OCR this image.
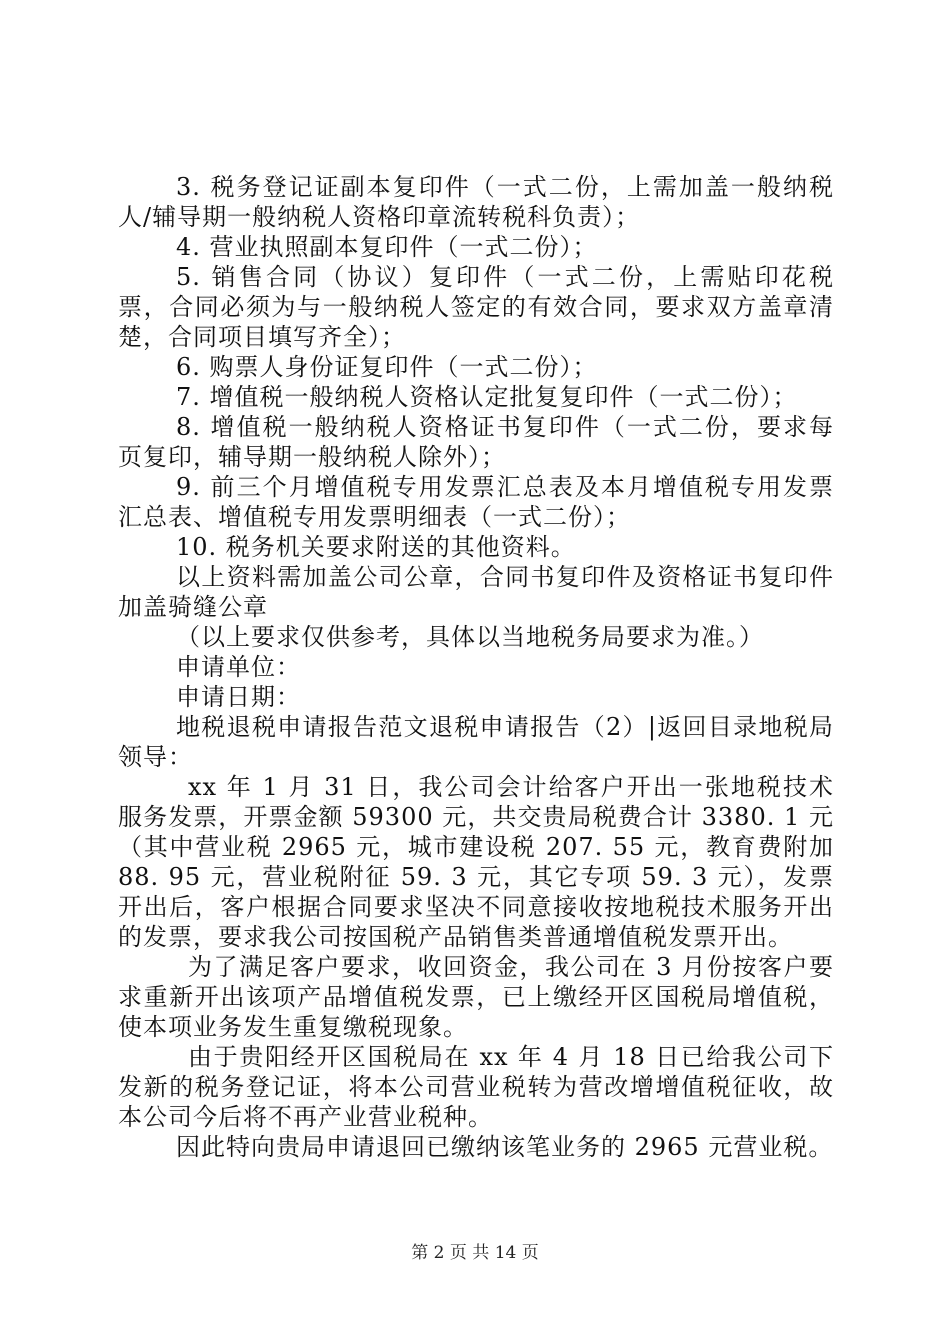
3. 税务登记证副本复印件（一式二份，上需加盖一般纳税人/辅导期一般纳税人资格印章流转税科负责）；

4. 营业执照副本复印件（一式二份）；

5. 销售合同（协议）复印件（一式二份，上需贴印花税票，合同必须为与一般纳税人签定的有效合同，要求双方盖章清楚，合同项目填写齐全）；

6. 购票人身份证复印件（一式二份）；

7. 增值税一般纳税人资格认定批复复印件（一式二份）；

8. 增值税一般纳税人资格证书复印件（一式二份，要求每页复印，辅导期一般纳税人除外）；

9. 前三个月增值税专用发票汇总表及本月增值税专用发票汇总表、增值税专用发票明细表（一式二份）；

10. 税务机关要求附送的其他资料。

以上资料需加盖公司公章，合同书复印件及资格证书复印件加盖骑缝公章

（以上要求仅供参考，具体以当地税务局要求为准。）

申请单位：

申请日期：

地税退税申请报告范文退税申请报告（2）|返回目录地税局领导：

xx 年 1 月 31 日，我公司会计给客户开出一张地税技术服务发票，开票金额 59300 元，共交贵局税费合计 3380. 1 元（其中营业税 2965 元，城市建设税 207. 55 元，教育费附加 88. 95 元，营业税附征 59. 3 元，其它专项 59. 3 元），发票开出后，客户根据合同要求坚决不同意接收按地税技术服务开出的发票，要求我公司按国税产品销售类普通增值税发票开出。

为了满足客户要求，收回资金，我公司在 3 月份按客户要求重新开出该项产品增值税发票，已上缴经开区国税局增值税，使本项业务发生重复缴税现象。

由于贵阳经开区国税局在 xx 年 4 月 18 日已给我公司下发新的税务登记证，将本公司营业税转为营改增增值税征收，故本公司今后将不再产业营业税种。

因此特向贵局申请退回已缴纳该笔业务的 2965 元营业税。

第 2 页 共 14 页
